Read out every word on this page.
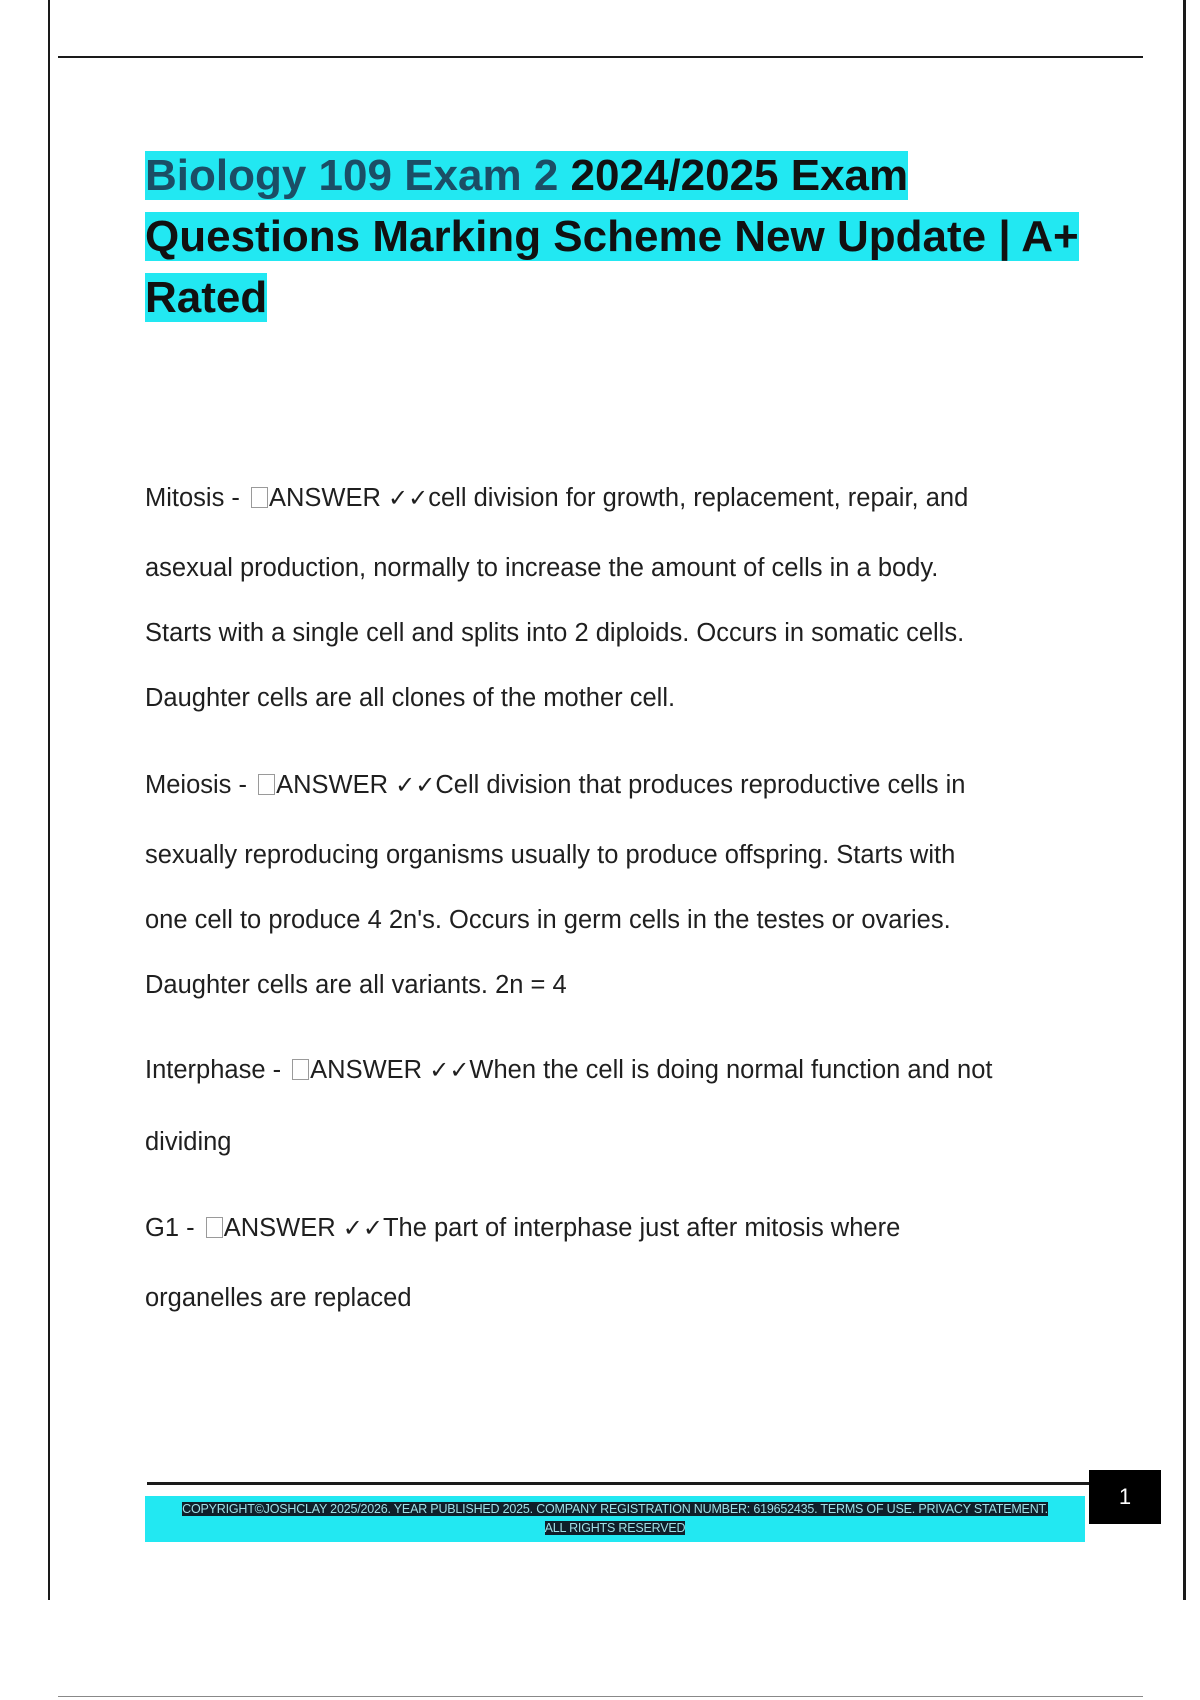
Biology 109 Exam 2 2024/2025 Exam Questions Marking Scheme New Update | A+ Rated
Mitosis - ANSWER ✓✓cell division for growth, replacement, repair, and
asexual production, normally to increase the amount of cells in a body.
Starts with a single cell and splits into 2 diploids. Occurs in somatic cells.
Daughter cells are all clones of the mother cell.
Meiosis - ANSWER ✓✓Cell division that produces reproductive cells in
sexually reproducing organisms usually to produce offspring. Starts with
one cell to produce 4 2n's. Occurs in germ cells in the testes or ovaries.
Daughter cells are all variants. 2n = 4
Interphase - ANSWER ✓✓When the cell is doing normal function and not
dividing
G1 - ANSWER ✓✓The part of interphase just after mitosis where
organelles are replaced
COPYRIGHT©JOSHCLAY 2025/2026. YEAR PUBLISHED 2025. COMPANY REGISTRATION NUMBER: 619652435. TERMS OF USE. PRIVACY STATEMENT. ALL RIGHTS RESERVED
1
